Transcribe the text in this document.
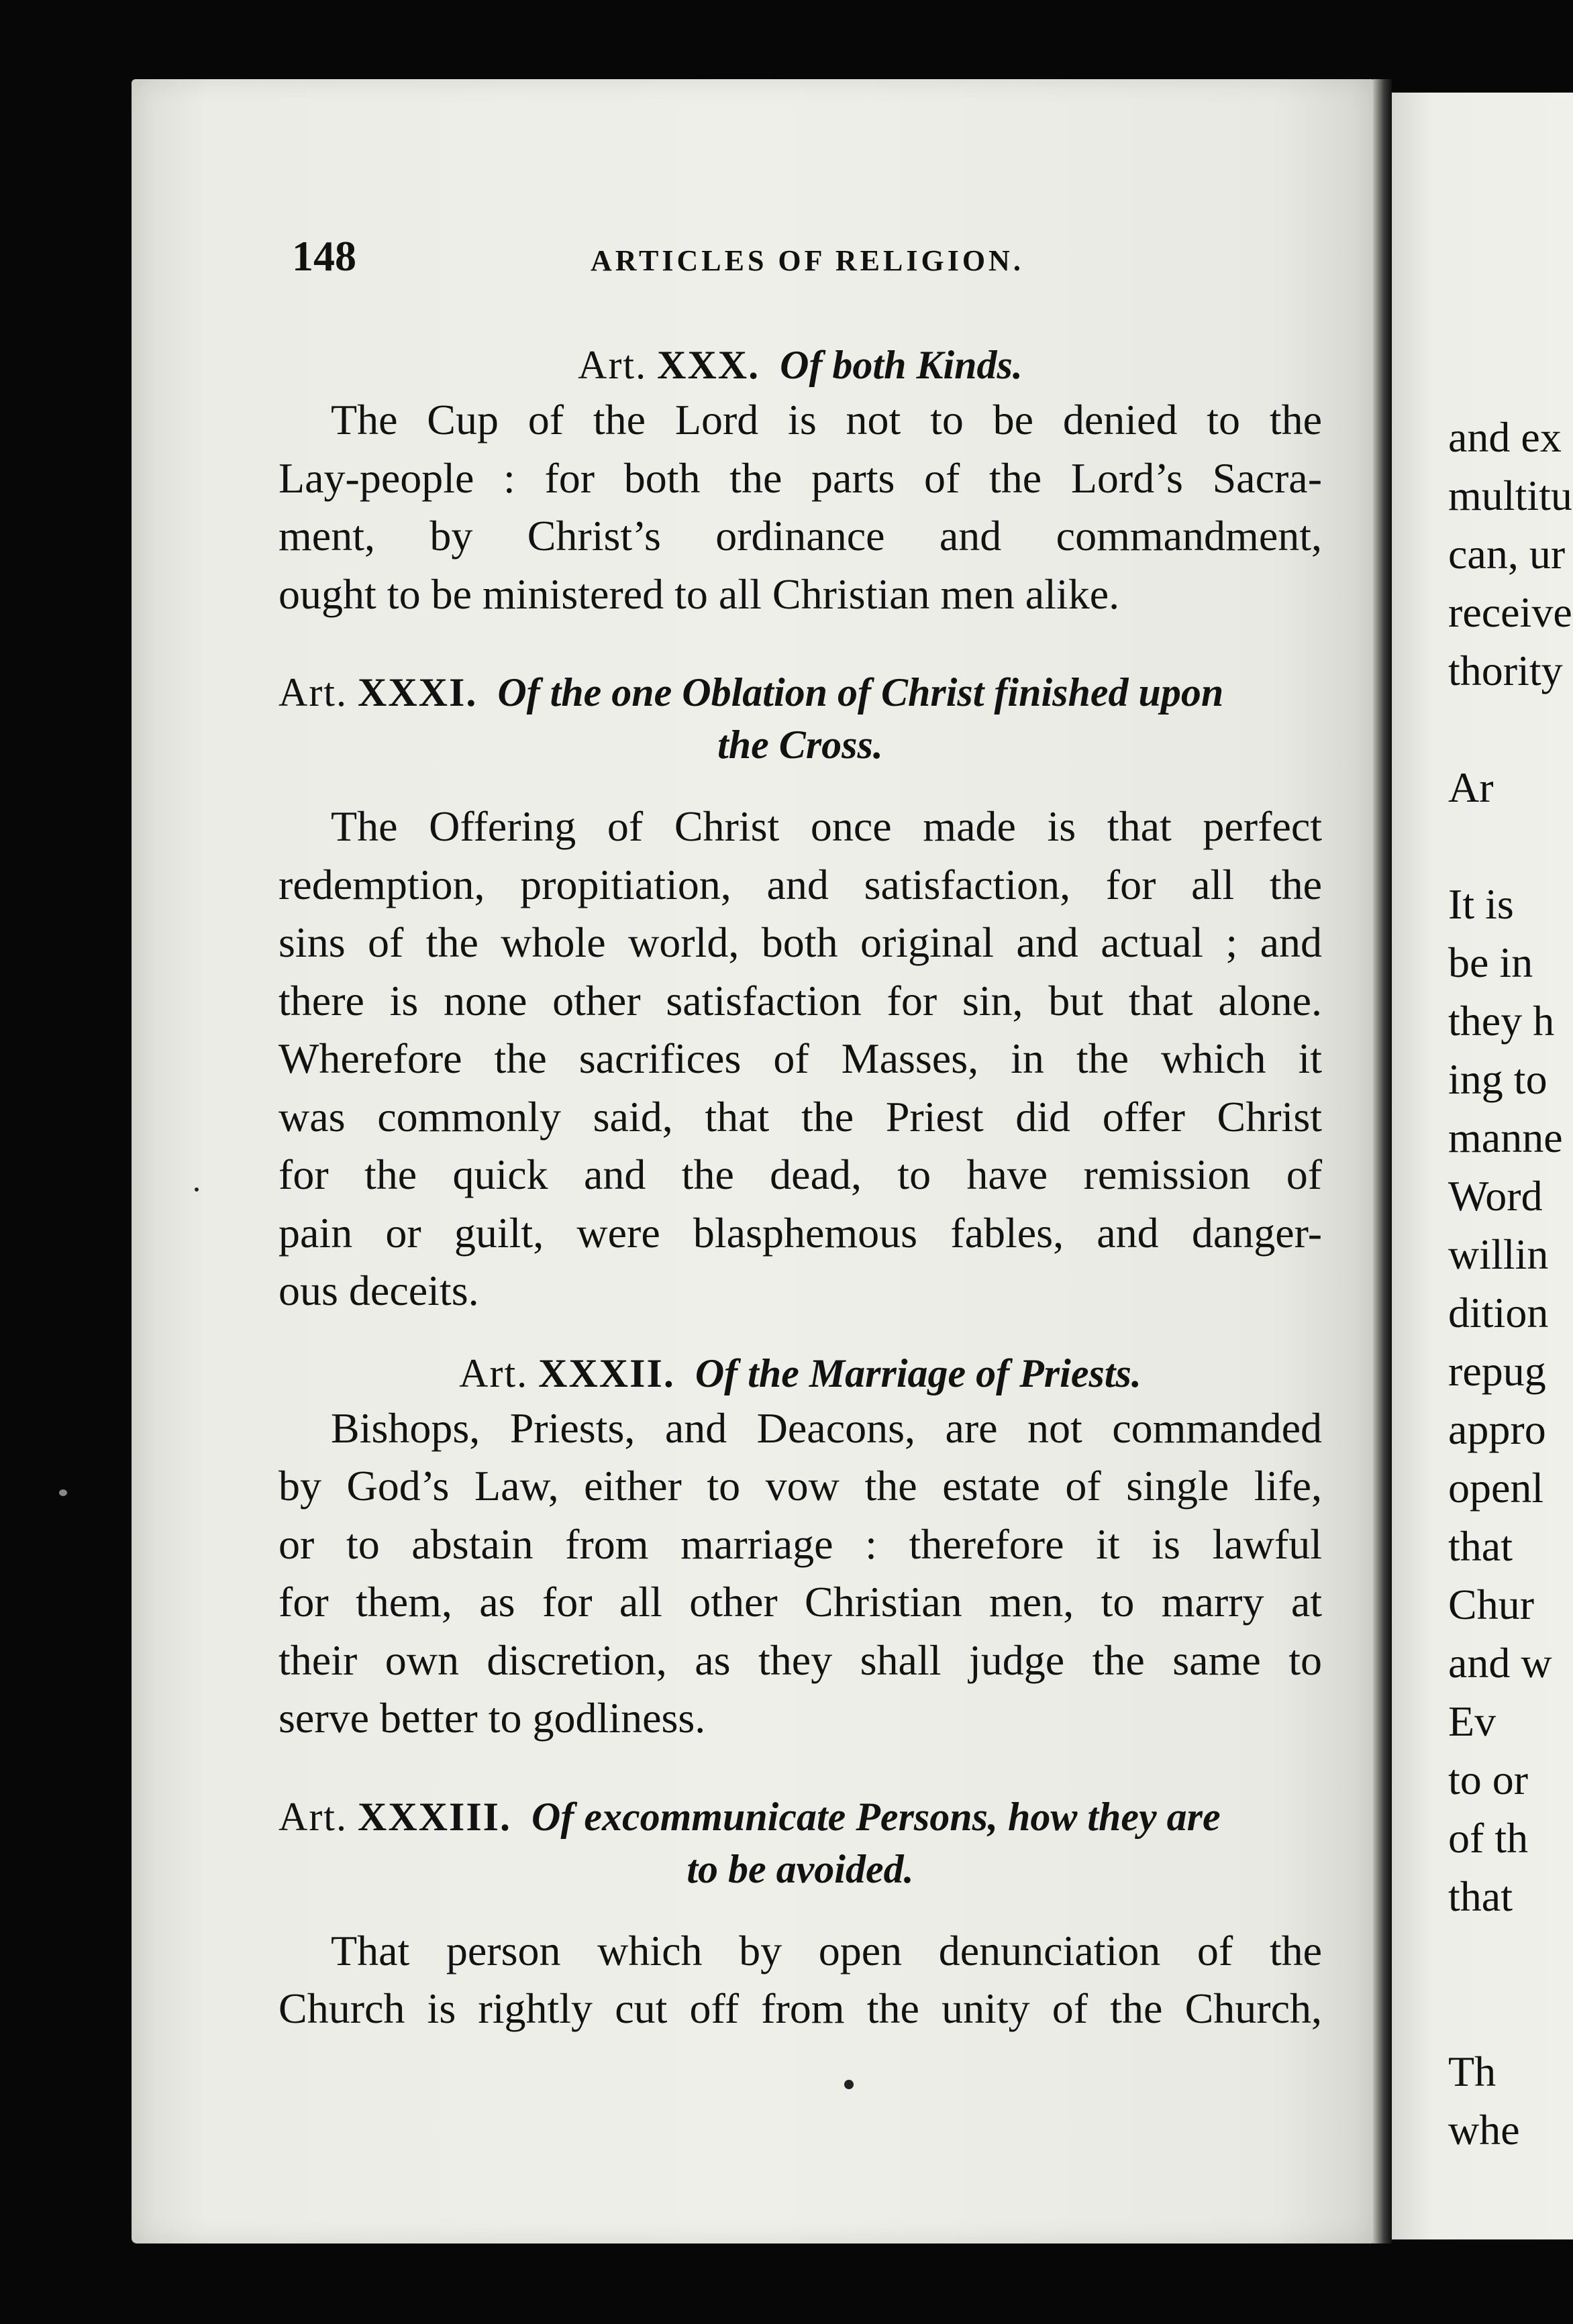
and ex
multitu
can, ur
receive
thority

Ar

It is
be in
they h
ing to
manne
Word
willin
dition
repug
appro
openl
that
Chur
and w
Ev
to or
of th
that

Th
whe
148	ARTICLES OF RELIGION.

Art. XXX. Of both Kinds.

The Cup of the Lord is not to be denied to the
Lay-people : for both the parts of the Lord’s Sacra-
ment, by Christ’s ordinance and commandment,
ought to be ministered to all Christian men alike.

Art. XXXI. Of the one Oblation of Christ finished upon
the Cross.

The Offering of Christ once made is that perfect
redemption, propitiation, and satisfaction, for all the
sins of the whole world, both original and actual ; and
there is none other satisfaction for sin, but that alone.
Wherefore the sacrifices of Masses, in the which it
was commonly said, that the Priest did offer Christ
for the quick and the dead, to have remission of
pain or guilt, were blasphemous fables, and danger-
ous deceits.

Art. XXXII. Of the Marriage of Priests.

Bishops, Priests, and Deacons, are not commanded
by God’s Law, either to vow the estate of single life,
or to abstain from marriage : therefore it is lawful
for them, as for all other Christian men, to marry at
their own discretion, as they shall judge the same to
serve better to godliness.

Art. XXXIII. Of excommunicate Persons, how they are
to be avoided.

That person which by open denunciation of the
Church is rightly cut off from the unity of the Church,
